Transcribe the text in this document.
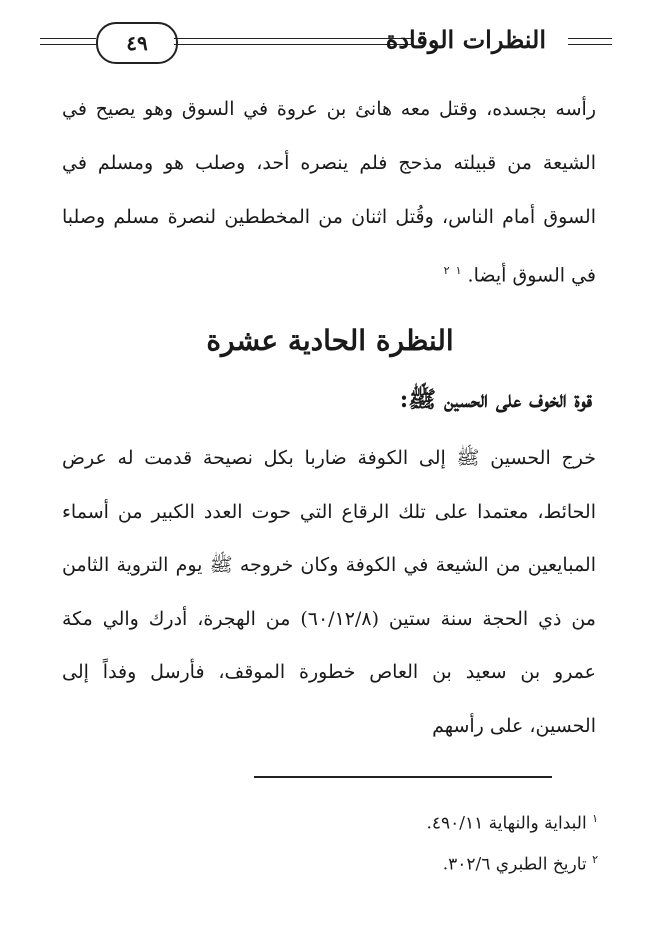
٤٩	النظرات الوقادة
رأسه بجسده، وقتل معه هانئ بن عروة في السوق وهو يصيح في الشيعة من قبيلته مذحج فلم ينصره أحد، وصلب هو ومسلم في السوق أمام الناس، وقُتل اثنان من المخططين لنصرة مسلم وصلبا في السوق أيضا. $^١$ $^٢$
النظرة الحادية عشرة
قوة الخوف على الحسين ﷺ:
خرج الحسين ﷺ إلى الكوفة ضاربا بكل نصيحة قدمت له عرض الحائط، معتمدا على تلك الرقاع التي حوت العدد الكبير من أسماء المبايعين من الشيعة في الكوفة وكان خروجه ﷺ يوم التروية الثامن من ذي الحجة سنة ستين (٦٠/١٢/٨) من الهجرة، أدرك والي مكة عمرو بن سعيد بن العاص خطورة الموقف، فأرسل وفداً إلى الحسين، على رأسهم
$^١$ البداية والنهاية ٤٩٠/١١.
$^٢$ تاريخ الطبري ٣٠٢/٦.
